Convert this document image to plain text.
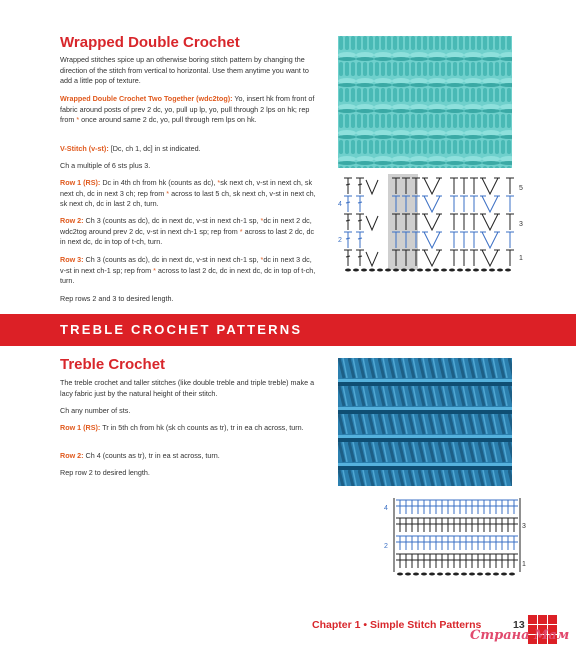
Wrapped Double Crochet
Wrapped stitches spice up an otherwise boring stitch pattern by changing the direction of the stitch from vertical to horizontal. Use them anytime you want to add a little pop of texture.
Wrapped Double Crochet Two Together (wdc2tog): Yo, insert hk from front of fabric around posts of prev 2 dc, yo, pull up lp, yo, pull through 2 lps on hk; rep from * once around same 2 dc, yo, pull through rem lps on hk.
V-Stitch (v-st): [Dc, ch 1, dc] in st indicated.
Ch a multiple of 6 sts plus 3.
Row 1 (RS): Dc in 4th ch from hk (counts as dc), *sk next ch, v-st in next ch, sk next ch, dc in next 3 ch; rep from * across to last 5 ch, sk next ch, v-st in next ch, sk next ch, dc in last 2 ch, turn.
Row 2: Ch 3 (counts as dc), dc in next dc, v-st in next ch-1 sp, *dc in next 2 dc, wdc2tog around prev 2 dc, v-st in next ch-1 sp; rep from * across to last 2 dc, dc in next dc, dc in top of t-ch, turn.
Row 3: Ch 3 (counts as dc), dc in next dc, v-st in next ch-1 sp, *dc in next 3 dc, v-st in next ch-1 sp; rep from * across to last 2 dc, dc in next dc, dc in top of t-ch, turn.
Rep rows 2 and 3 to desired length.
5
4
3
2
1
TREBLE CROCHET PATTERNS
Treble Crochet
The treble crochet and taller stitches (like double treble and triple treble) make a lacy fabric just by the natural height of their stitch.
Ch any number of sts.
Row 1 (RS): Tr in 5th ch from hk (sk ch counts as tr), tr in ea ch across, turn.
Row 2: Ch 4 (counts as tr), tr in ea st across, turn.
Rep row 2 to desired length.
4
3
2
1
Chapter 1 • Simple Stitch Patterns	13
Страна Мам
